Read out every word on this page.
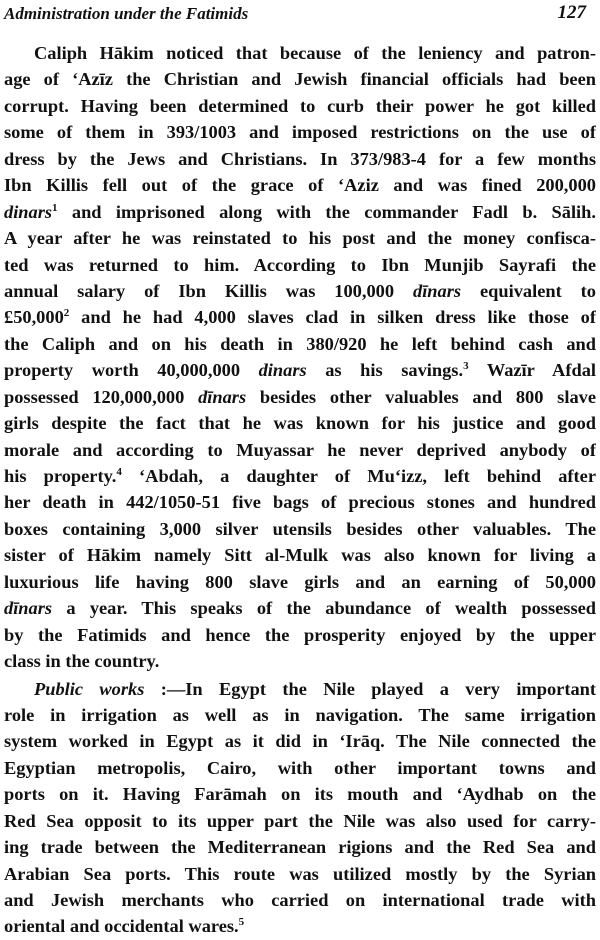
Administration under the Fatimids	127
Caliph Hākim noticed that because of the leniency and patron-
age of ‘Azīz the Christian and Jewish financial officials had been
corrupt. Having been determined to curb their power he got killed
some of them in 393/1003 and imposed restrictions on the use of
dress by the Jews and Christians. In 373/983-4 for a few months
Ibn Killis fell out of the grace of ‘Aziz and was fined 200,000
dinars$^1$ and imprisoned along with the commander Fadl b. Sālih.
A year after he was reinstated to his post and the money confisca-
ted was returned to him. According to Ibn Munjib Sayrafi the
annual salary of Ibn Killis was 100,000 dīnars equivalent to
£50,000$^2$ and he had 4,000 slaves clad in silken dress like those of
the Caliph and on his death in 380/920 he left behind cash and
property worth 40,000,000 dinars as his savings.$^3$ Wazīr Afdal
possessed 120,000,000 dīnars besides other valuables and 800 slave
girls despite the fact that he was known for his justice and good
morale and according to Muyassar he never deprived anybody of
his property.$^4$ ‘Abdah, a daughter of Mu‘izz, left behind after
her death in 442/1050-51 five bags of precious stones and hundred
boxes containing 3,000 silver utensils besides other valuables. The
sister of Hākim namely Sitt al-Mulk was also known for living a
luxurious life having 800 slave girls and an earning of 50,000
dīnars a year. This speaks of the abundance of wealth possessed
by the Fatimids and hence the prosperity enjoyed by the upper
class in the country.
Public works :—In Egypt the Nile played a very important
role in irrigation as well as in navigation. The same irrigation
system worked in Egypt as it did in ‘Irāq. The Nile connected the
Egyptian metropolis, Cairo, with other important towns and
ports on it. Having Farāmah on its mouth and ‘Aydhab on the
Red Sea opposit to its upper part the Nile was also used for carry-
ing trade between the Mediterranean rigions and the Red Sea and
Arabian Sea ports. This route was utilized mostly by the Syrian
and Jewish merchants who carried on international trade with
oriental and occidental wares.$^5$
